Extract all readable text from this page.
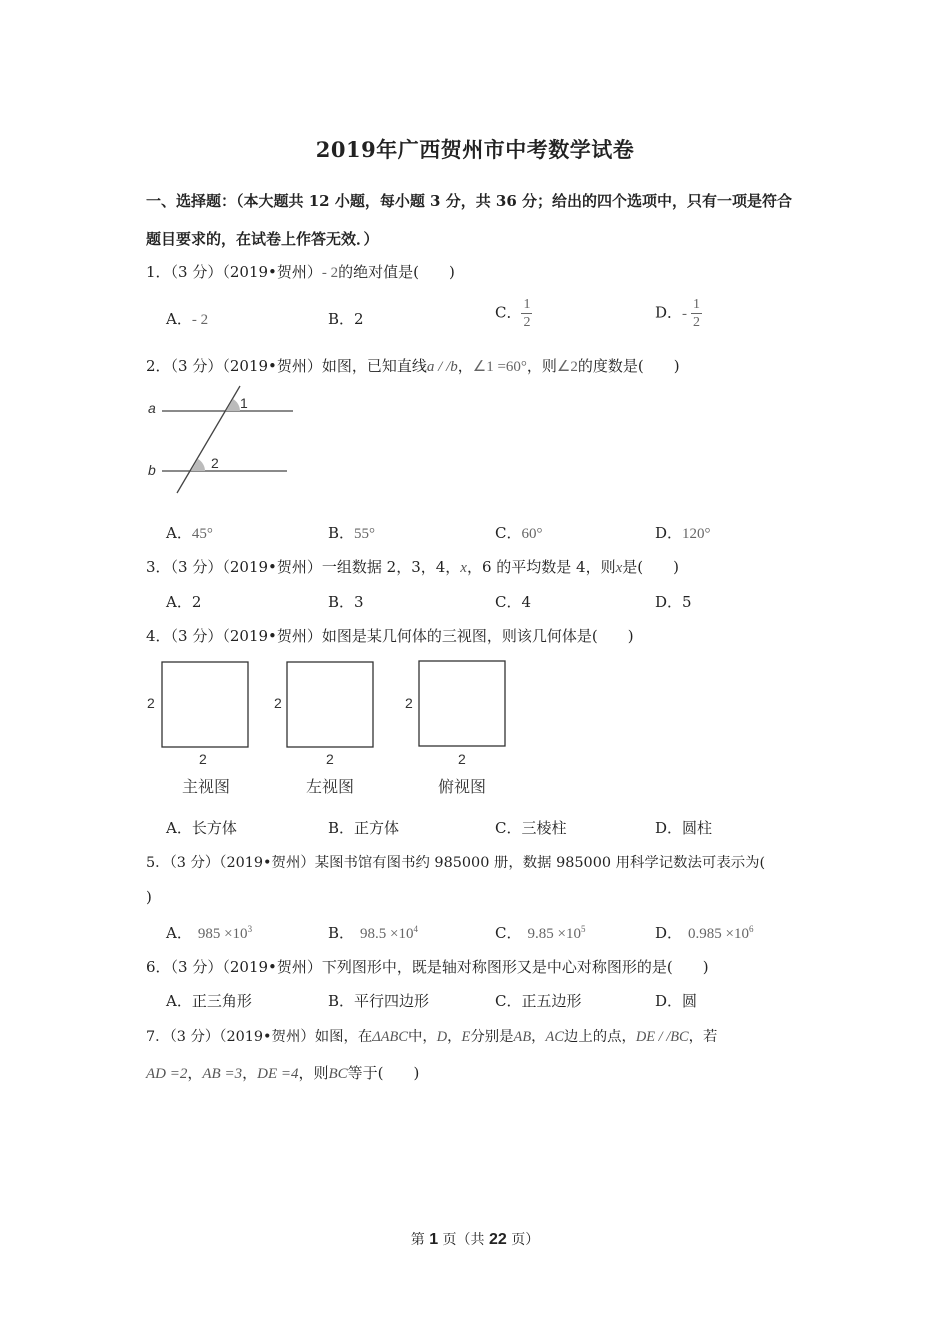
2019年广西贺州市中考数学试卷
一、选择题：（本大题共 12 小题，每小题 3 分，共 36 分；给出的四个选项中，只有一项是符合
题目要求的，在试卷上作答无效．）
1．（3 分）（2019•贺州）- 2的绝对值是(　　)
A．- 2	B．2	C． $\frac{1}{2}$	D．- $\frac{1}{2}$
2．（3 分）（2019•贺州）如图，已知直线a / /b，∠1 =60°，则∠2的度数是(　　)
a
b
1
2
A．45°	B．55°	C．60°	D．120°
3．（3 分）（2019•贺州）一组数据 2，3，4，x，6 的平均数是 4，则x是(　　)
A．2	B．3	C．4	D．5
4．（3 分）（2019•贺州）如图是某几何体的三视图，则该几何体是(　　)
2
2
主视图
2
2
左视图
2
2
俯视图
A．长方体	B．正方体	C．三棱柱	D．圆柱
5．（3 分）（2019•贺州）某图书馆有图书约 985000 册，数据 985000 用科学记数法可表示为(
)
A． $985 \times 10^3$	B． $98.5 \times 10^4$	C． $9.85 \times 10^5$	D． $0.985 \times 10^6$
6．（3 分）（2019•贺州）下列图形中，既是轴对称图形又是中心对称图形的是(　　)
A．正三角形	B．平行四边形	C．正五边形	D．圆
7．（3 分）（2019•贺州）如图，在ΔABC中，D，E分别是AB，AC边上的点，DE / /BC，若
AD =2，AB =3，DE =4，则BC等于(　　)
第 1 页（共 22 页）
